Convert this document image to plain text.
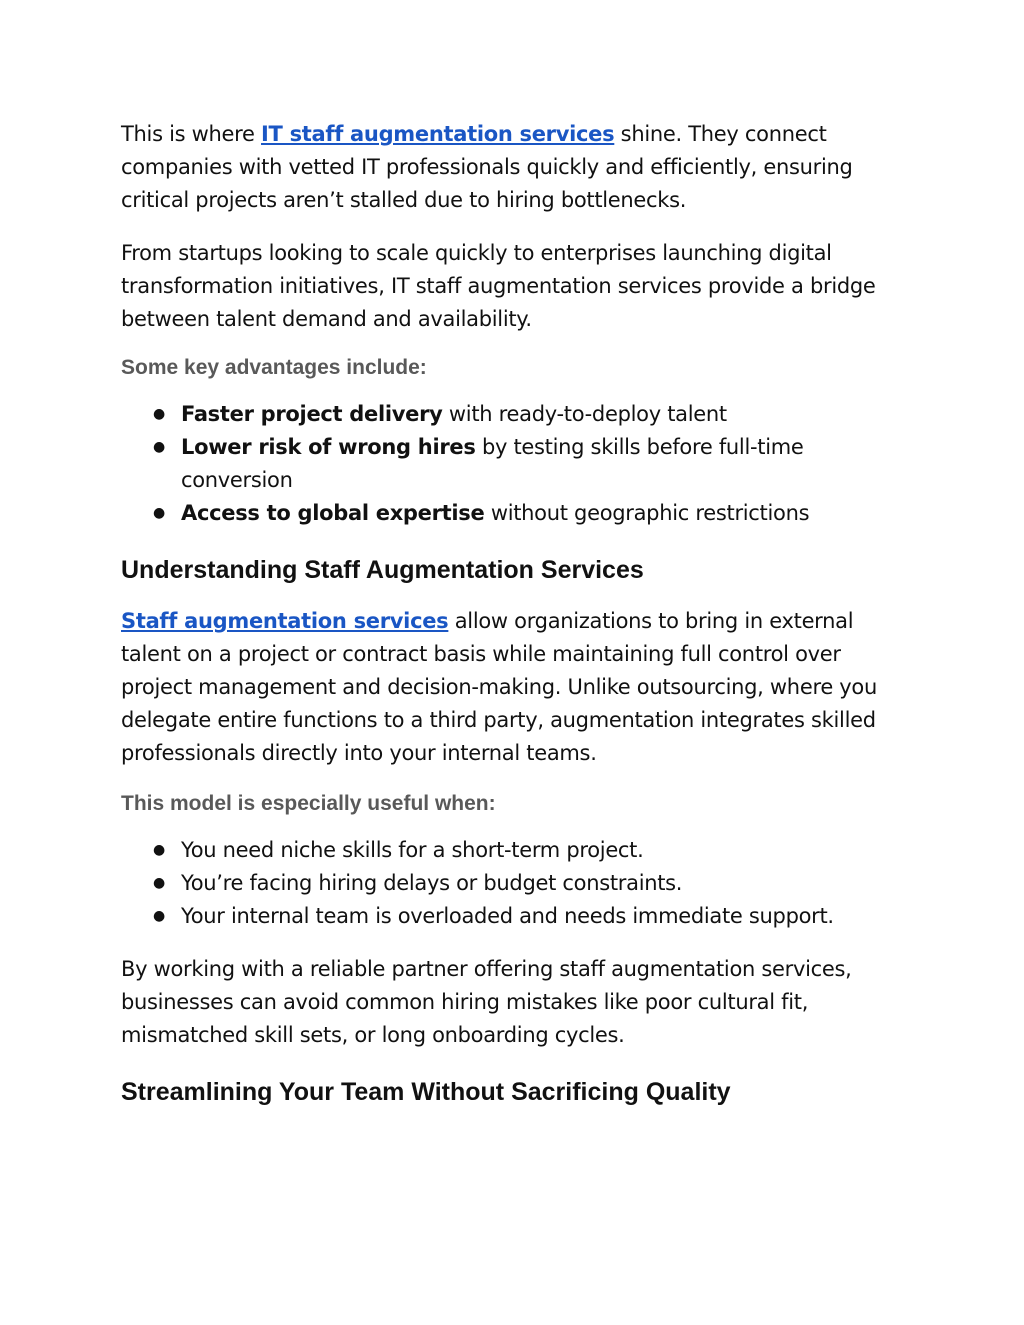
This is where IT staff augmentation services shine. They connect companies with vetted IT professionals quickly and efficiently, ensuring critical projects aren’t stalled due to hiring bottlenecks.

From startups looking to scale quickly to enterprises launching digital transformation initiatives, IT staff augmentation services provide a bridge between talent demand and availability.

Some key advantages include:
● Faster project delivery with ready-to-deploy talent
● Lower risk of wrong hires by testing skills before full-time conversion
● Access to global expertise without geographic restrictions
Understanding Staff Augmentation Services

Staff augmentation services allow organizations to bring in external talent on a project or contract basis while maintaining full control over project management and decision-making. Unlike outsourcing, where you delegate entire functions to a third party, augmentation integrates skilled professionals directly into your internal teams.

This model is especially useful when:
● You need niche skills for a short-term project.
● You’re facing hiring delays or budget constraints.
● Your internal team is overloaded and needs immediate support.

By working with a reliable partner offering staff augmentation services, businesses can avoid common hiring mistakes like poor cultural fit, mismatched skill sets, or long onboarding cycles.

Streamlining Your Team Without Sacrificing Quality
